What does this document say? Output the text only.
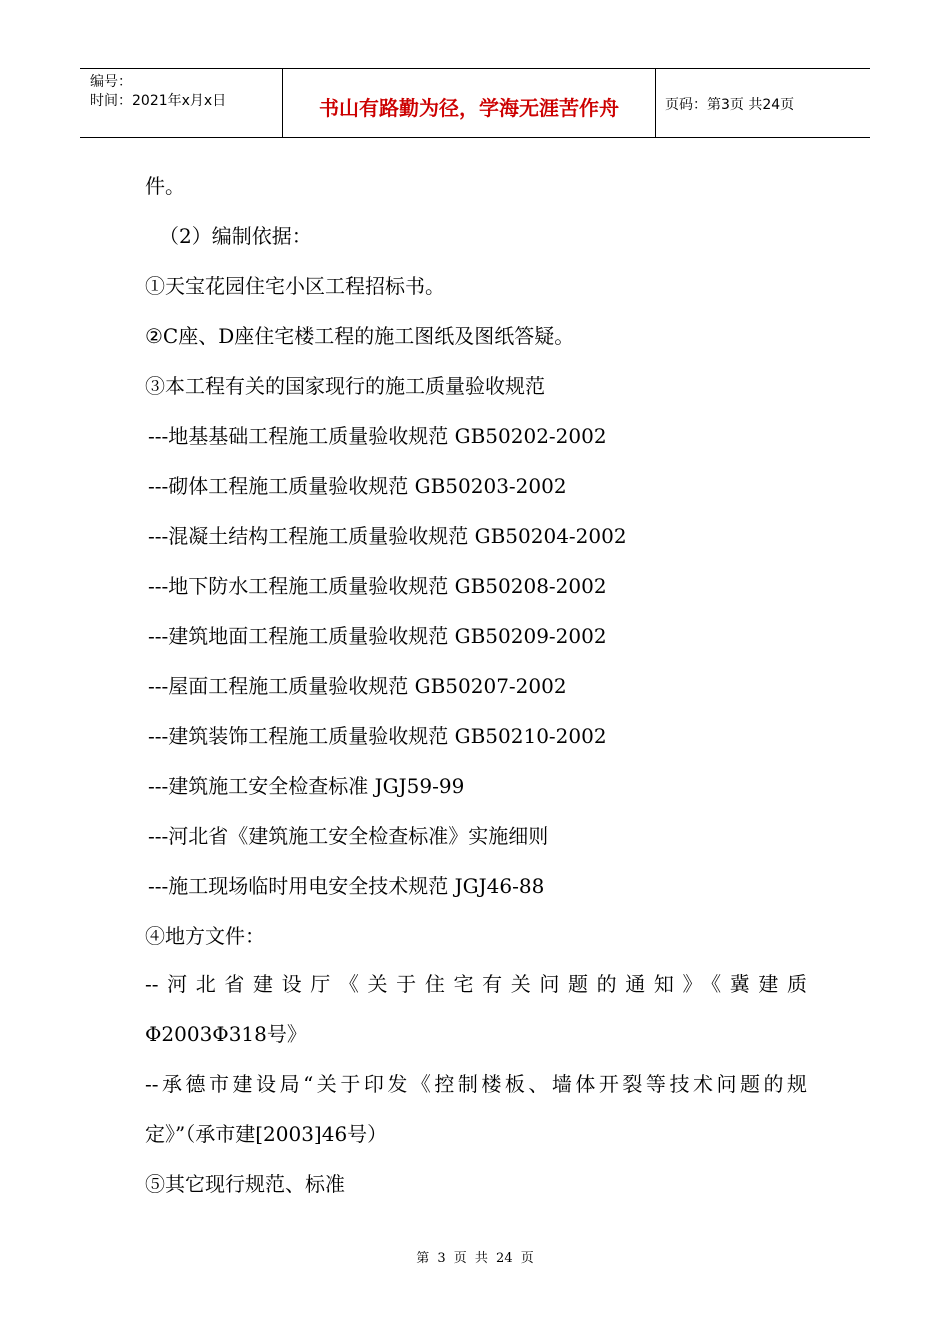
编号：
时间：2021年x月x日	书山有路勤为径，学海无涯苦作舟	页码：第3页 共24页
件。
（2）编制依据：
①天宝花园住宅小区工程招标书。
②C座、D座住宅楼工程的施工图纸及图纸答疑。
③本工程有关的国家现行的施工质量验收规范
---地基基础工程施工质量验收规范 GB50202-2002
---砌体工程施工质量验收规范 GB50203-2002
---混凝土结构工程施工质量验收规范 GB50204-2002
---地下防水工程施工质量验收规范 GB50208-2002
---建筑地面工程施工质量验收规范 GB50209-2002
---屋面工程施工质量验收规范 GB50207-2002
---建筑装饰工程施工质量验收规范 GB50210-2002
---建筑施工安全检查标准 JGJ59-99
---河北省《建筑施工安全检查标准》实施细则
---施工现场临时用电安全技术规范 JGJ46-88
④地方文件：
--河北省建设厅《关于住宅有关问题的通知》《冀建质
Φ2003Φ318号》
--承德市建设局“关于印发《控制楼板、墙体开裂等技术问题的规
定》”（承市建[2003]46号）
⑤其它现行规范、标准
第 3 页 共 24 页
